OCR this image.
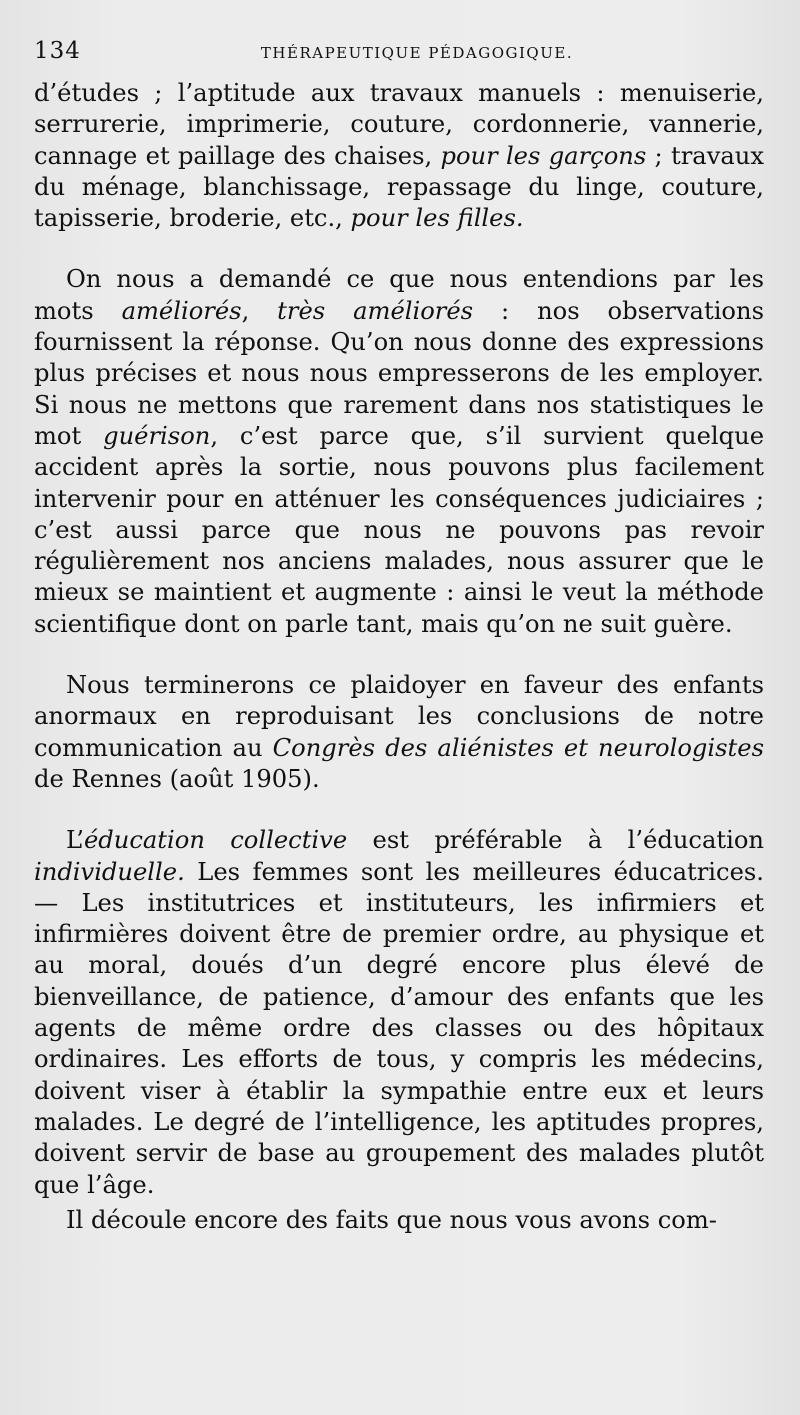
134	THÉRAPEUTIQUE PÉDAGOGIQUE.

d’études ; l’aptitude aux travaux manuels : menuiserie, serrurerie, imprimerie, couture, cordonnerie, vannerie, cannage et paillage des chaises, pour les garçons ; travaux du ménage, blanchissage, repassage du linge, couture, tapisserie, broderie, etc., pour les filles.

On nous a demandé ce que nous entendions par les mots améliorés, très améliorés : nos observations fournissent la réponse. Qu’on nous donne des expressions plus précises et nous nous empresserons de les employer. Si nous ne mettons que rarement dans nos statistiques le mot guérison, c’est parce que, s’il survient quelque accident après la sortie, nous pouvons plus facilement intervenir pour en atténuer les conséquences judiciaires ; c’est aussi parce que nous ne pouvons pas revoir régulièrement nos anciens malades, nous assurer que le mieux se maintient et augmente : ainsi le veut la méthode scientifique dont on parle tant, mais qu’on ne suit guère.

Nous terminerons ce plaidoyer en faveur des enfants anormaux en reproduisant les conclusions de notre communication au Congrès des aliénistes et neurologistes de Rennes (août 1905).

L’éducation collective est préférable à l’éducation individuelle. Les femmes sont les meilleures éducatrices. — Les institutrices et instituteurs, les infirmiers et infirmières doivent être de premier ordre, au physique et au moral, doués d’un degré encore plus élevé de bienveillance, de patience, d’amour des enfants que les agents de même ordre des classes ou des hôpitaux ordinaires. Les efforts de tous, y compris les médecins, doivent viser à établir la sympathie entre eux et leurs malades. Le degré de l’intelligence, les aptitudes propres, doivent servir de base au groupement des malades plutôt que l’âge.

Il découle encore des faits que nous vous avons com-
